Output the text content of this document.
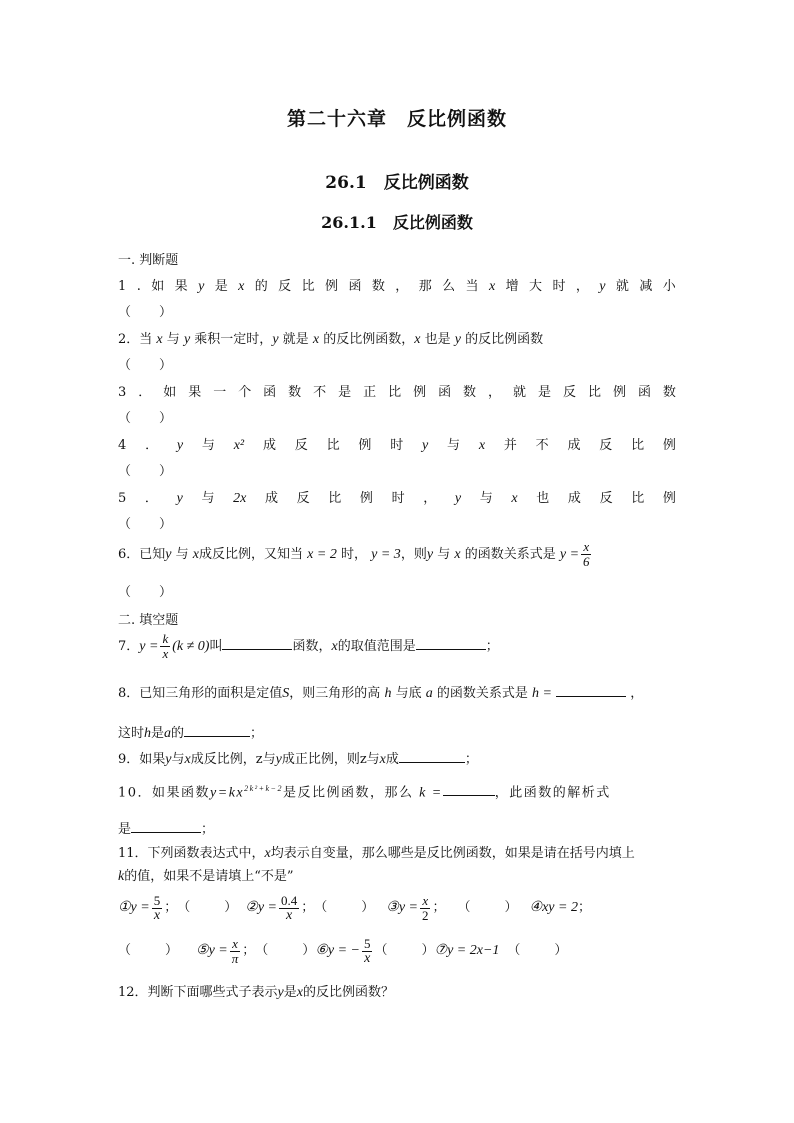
第二十六章　反比例函数
26.1　反比例函数
26.1.1　反比例函数
一. 判断题
1 . 如 果 y 是 x 的 反 比 例 函 数 ， 那 么 当 x 增 大 时 ， y 就 减 小
（ ）
2．当 x 与 y 乘积一定时，y 就是 x 的反比例函数，x 也是 y 的反比例函数
（ ）
3 ． 如 果 一 个 函 数 不 是 正 比 例 函 数 ， 就 是 反 比 例 函 数
（ ）
4 ． y 与 x² 成 反 比 例 时 y 与 x 并 不 成 反 比 例
（ ）
5 ． y 与 2x 成 反 比 例 时 ， y 与 x 也 成 反 比 例
（ ）
6．已知y 与 x成反比例，又知当 x = 2 时， y = 3，则y 与 x 的函数关系式是 $y = \frac{x}{6}$
（ ）
二. 填空题
7．$y = \frac{k}{x} (k \ne 0)$叫	函数，x的取值范围是	；
8．已知三角形的面积是定值S，则三角形的高 h 与底 a 的函数关系式是 h =	，
这时h是a的	；
9．如果y与x成反比例，z与y成正比例，则z与x成	；
10．如果函数$y=kx^{2k^2+k-2}$是反比例函数，那么 k =	，此函数的解析式
是	；
11．下列函数表达式中，x均表示自变量，那么哪些是反比例函数，如果是请在括号内填上
k的值，如果不是请填上“不是”
①y = $\frac{5}{x}$ ； （	） ②y = $\frac{0.4}{x}$ ； （	） ③y = $\frac{x}{2}$ ； （	） ④xy = 2 ；
（	） ⑤y = $\frac{x}{\pi}$ ； （	） ⑥y = − $\frac{5}{x}$ （	） ⑦y = 2x −1 （	）
12．判断下面哪些式子表示y是x的反比例函数？
